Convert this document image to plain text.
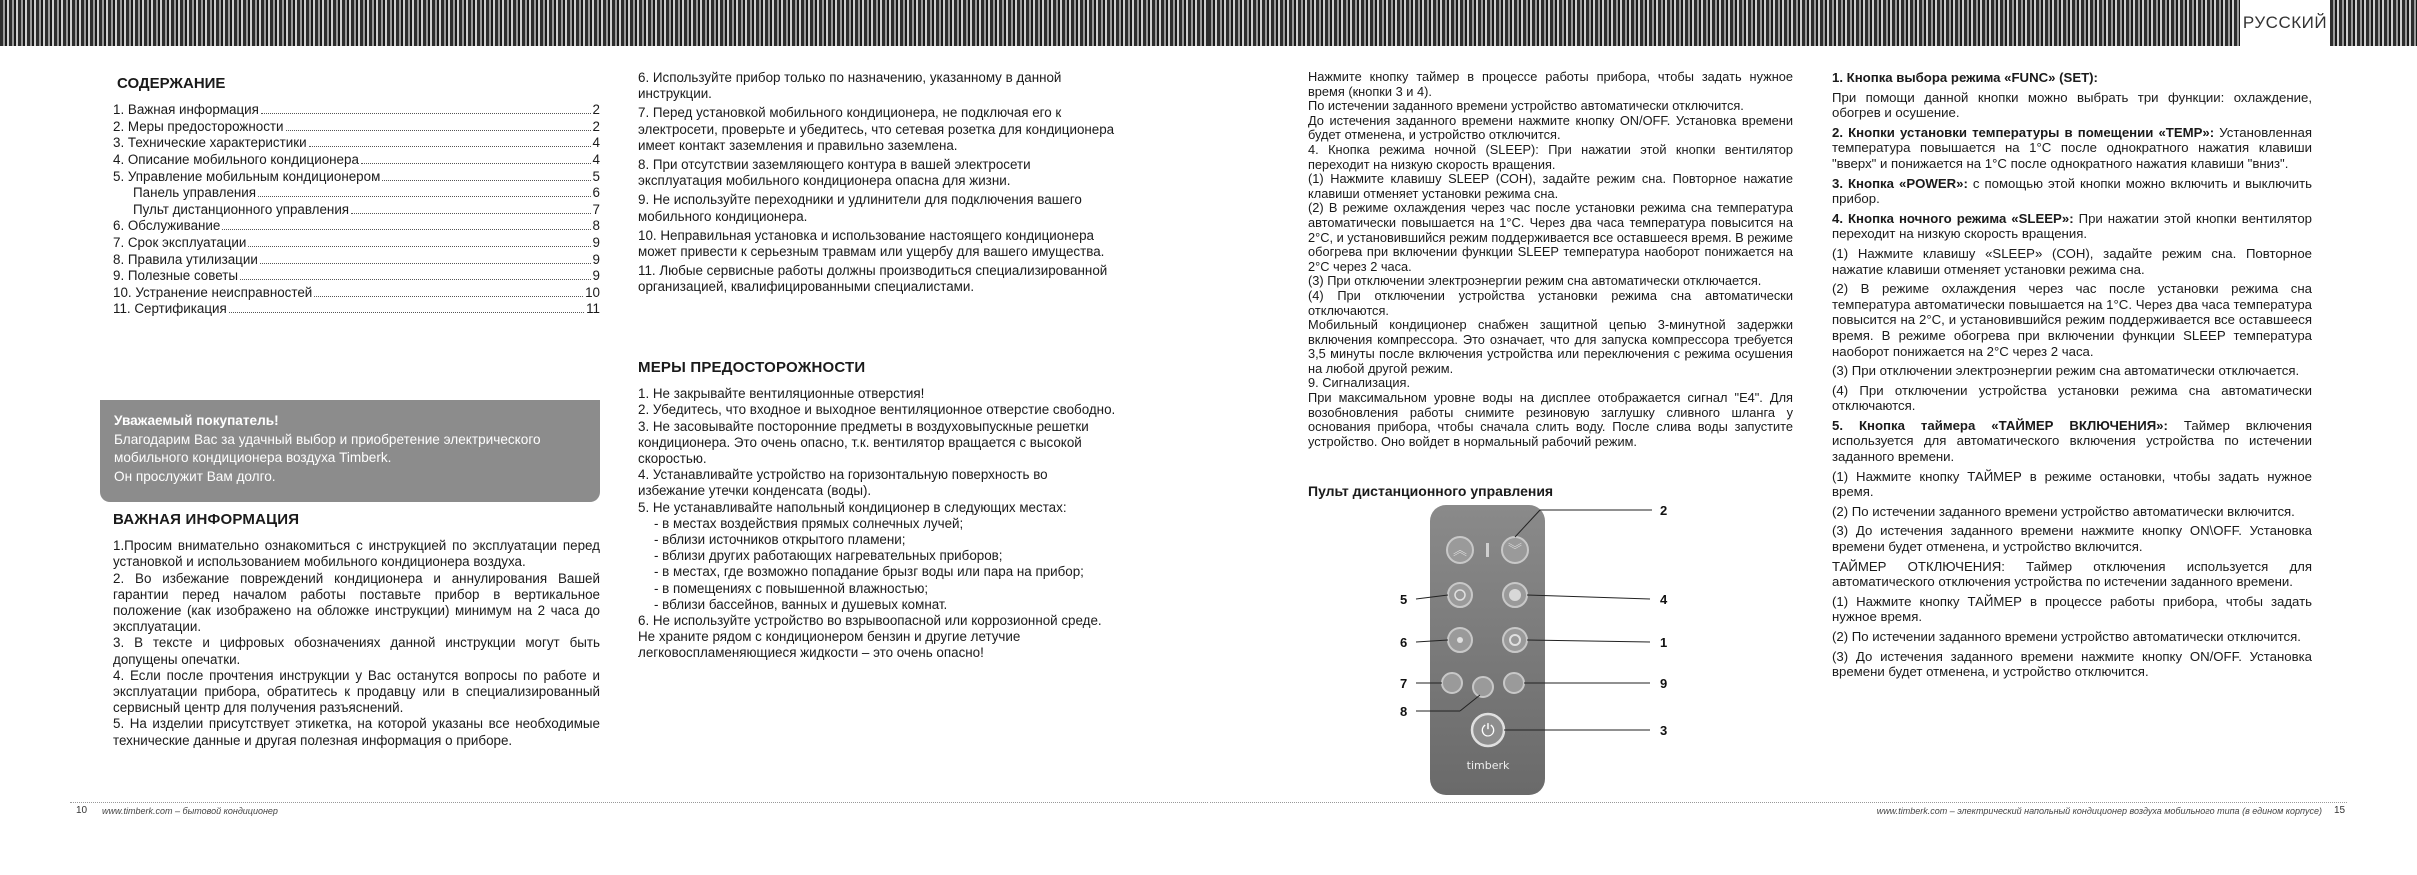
РУССКИЙ
СОДЕРЖАНИЕ
1. Важная информация	2
2. Меры предосторожности	2
3. Технические характеристики	4
4. Описание мобильного кондиционера	4
5. Управление мобильным кондиционером	5
Панель управления	6
Пульт дистанционного управления	7
6. Обслуживание	8
7. Срок эксплуатации	9
8. Правила утилизации	9
9. Полезные советы	9
10. Устранение неисправностей	10
11. Сертификация	11
Уважаемый покупатель!
Благодарим Вас за удачный выбор и приобретение электрического
мобильного кондиционера воздуха Timberk.
Он прослужит Вам долго.
ВАЖНАЯ ИНФОРМАЦИЯ

1.Просим внимательно ознакомиться с инструкцией по эксплуатации перед установкой и использованием мобильного кондиционера воздуха.

2. Во избежание повреждений кондиционера и аннулирования Вашей гарантии перед началом работы поставьте прибор в вертикальное положение (как изображено на обложке инструкции) минимум на 2 часа до эксплуатации.

3. В тексте и цифровых обозначениях данной инструкции могут быть допущены опечатки.

4. Если после прочтения инструкции у Вас останутся вопросы по работе и эксплуатации прибора, обратитесь к продавцу или в специализированный сервисный центр для получения разъяснений.

5. На изделии присутствует этикетка, на которой указаны все необходимые технические данные и другая полезная информация о приборе.

6. Используйте прибор только по назначению, указанному в данной инструкции.

7. Перед установкой мобильного кондиционера, не подключая его к электросети, проверьте и убедитесь, что сетевая розетка для кондиционера имеет контакт заземления и правильно заземлена.

8. При отсутствии заземляющего контура в вашей электросети эксплуатация мобильного кондиционера опасна для жизни.

9. Не используйте переходники и удлинители для подключения вашего мобильного кондиционера.

10. Неправильная установка и использование настоящего кондиционера может привести к серьезным травмам или ущербу для вашего имущества.

11. Любые сервисные работы должны производиться специализированной организацией, квалифицированными специалистами.

МЕРЫ ПРЕДОСТОРОЖНОСТИ

1. Не закрывайте вентиляционные отверстия!

2. Убедитесь, что входное и выходное вентиляционное отверстие свободно.

3. Не засовывайте посторонние предметы в воздуховыпускные решетки кондиционера. Это очень опасно, т.к. вентилятор вращается с высокой скоростью.

4. Устанавливайте устройство на горизонтальную поверхность во избежание утечки конденсата (воды).

5. Не устанавливайте напольный кондиционер в следующих местах:

- в местах воздействия прямых солнечных лучей;

- вблизи источников открытого пламени;

- вблизи других работающих нагревательных приборов;

- в местах, где возможно попадание брызг воды или пара на прибор;

- в помещениях с повышенной влажностью;

- вблизи бассейнов, ванных и душевых комнат.

6. Не используйте устройство во взрывоопасной или коррозионной среде. Не храните рядом с кондиционером бензин и другие летучие легковоспламеняющиеся жидкости – это очень опасно!

Нажмите кнопку таймер в процессе работы прибора, чтобы задать нужное время (кнопки 3 и 4).

По истечении заданного времени устройство автоматически отключится.

До истечения заданного времени нажмите кнопку ON/OFF. Установка времени будет отменена, и устройство отключится.

4. Кнопка режима ночной (SLEEP): При нажатии этой кнопки вентилятор переходит на низкую скорость вращения.

(1) Нажмите клавишу SLEEP (СОН), задайте режим сна. Повторное нажатие клавиши отменяет установки режима сна.

(2) В режиме охлаждения через час после установки режима сна температура автоматически повышается на 1°С. Через два часа температура повысится на 2°С, и установившийся режим поддерживается все оставшееся время. В режиме обогрева при включении функции SLEEP температура наоборот понижается на 2°С через 2 часа.

(3) При отключении электроэнергии режим сна автоматически отключается.

(4) При отключении устройства установки режима сна автоматически отключаются.

Мобильный кондиционер снабжен защитной цепью 3-минутной задержки включения компрессора. Это означает, что для запуска компрессора требуется 3,5 минуты после включения устройства или переключения с режима осушения на любой другой режим.

9. Сигнализация.

При максимальном уровне воды на дисплее отображается сигнал "E4". Для возобновления работы снимите резиновую заглушку сливного шланга у основания прибора, чтобы сначала слить воду. После слива воды запустите устройство. Оно войдет в нормальный рабочий режим.

Пульт дистанционного управления
︽	︾
⏻
timberk
2
5	4
6	1
7	9
8
3

1. Кнопка выбора режима «FUNC» (SET):

При помощи данной кнопки можно выбрать три функции: охлаждение, обогрев и осушение.

2. Кнопки установки температуры в помещении «TEMP»: Установленная температура повышается на 1°С после однократного нажатия клавиши "вверх" и понижается на 1°С после однократного нажатия клавиши "вниз".

3. Кнопка «POWER»: с помощью этой кнопки можно включить и выключить прибор.

4. Кнопка ночного режима «SLEEP»: При нажатии этой кнопки вентилятор переходит на низкую скорость вращения.

(1) Нажмите клавишу «SLEEP» (СОН), задайте режим сна. Повторное нажатие клавиши отменяет установки режима сна.

(2) В режиме охлаждения через час после установки режима сна температура автоматически повышается на 1°С. Через два часа температура повысится на 2°С, и установившийся режим поддерживается все оставшееся время. В режиме обогрева при включении функции SLEEP температура наоборот понижается на 2°С через 2 часа.

(3) При отключении электроэнергии режим сна автоматически отключается.

(4) При отключении устройства установки режима сна автоматически отключаются.

5. Кнопка таймера «ТАЙМЕР ВКЛЮЧЕНИЯ»: Таймер включения используется для автоматического включения устройства по истечении заданного времени.

(1) Нажмите кнопку ТАЙМЕР в режиме остановки, чтобы задать нужное время.

(2) По истечении заданного времени устройство автоматически включится.

(3) До истечения заданного времени нажмите кнопку ON\OFF. Установка времени будет отменена, и устройство включится.

ТАЙМЕР ОТКЛЮЧЕНИЯ: Таймер отключения используется для автоматического отключения устройства по истечении заданного времени.

(1) Нажмите кнопку ТАЙМЕР в процессе работы прибора, чтобы задать нужное время.

(2) По истечении заданного времени устройство автоматически отключится.

(3) До истечения заданного времени нажмите кнопку ON/OFF. Установка времени будет отменена, и устройство отключится.

10 www.timberk.com – бытовой кондиционер	www.timberk.com – электрический напольный кондиционер воздуха мобильного типа (в едином корпусе) 15
